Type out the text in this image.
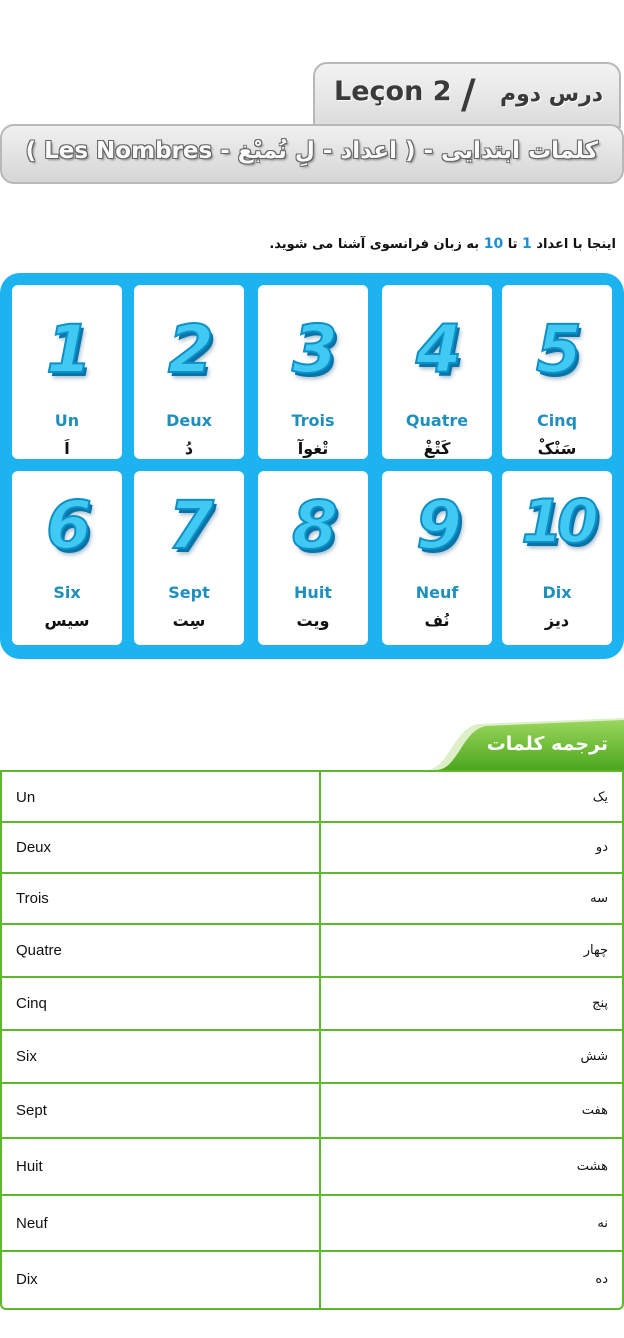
Leçon 2 / درس دوم
کلمات ابتدایی - ( اعداد - لِ نُمبْغ - Les Nombres )
اینجا با اعداد 1 تا 10 به زبان فرانسوی آشنا می شوید.
1
Un
اَ
2
Deux
دُ
3
Trois
تْغوآ
4
Quatre
کَتْغْ
5
Cinq
سَنْکْ
6
Six
سیس
7
Sept
سِت
8
Huit
ویت
9
Neuf
نُف
10
Dix
دیز
ترجمه کلمات
Un	یک
Deux	دو
Trois	سه
Quatre	چهار
Cinq	پنج
Six	شش
Sept	هفت
Huit	هشت
Neuf	نه
Dix	ده
